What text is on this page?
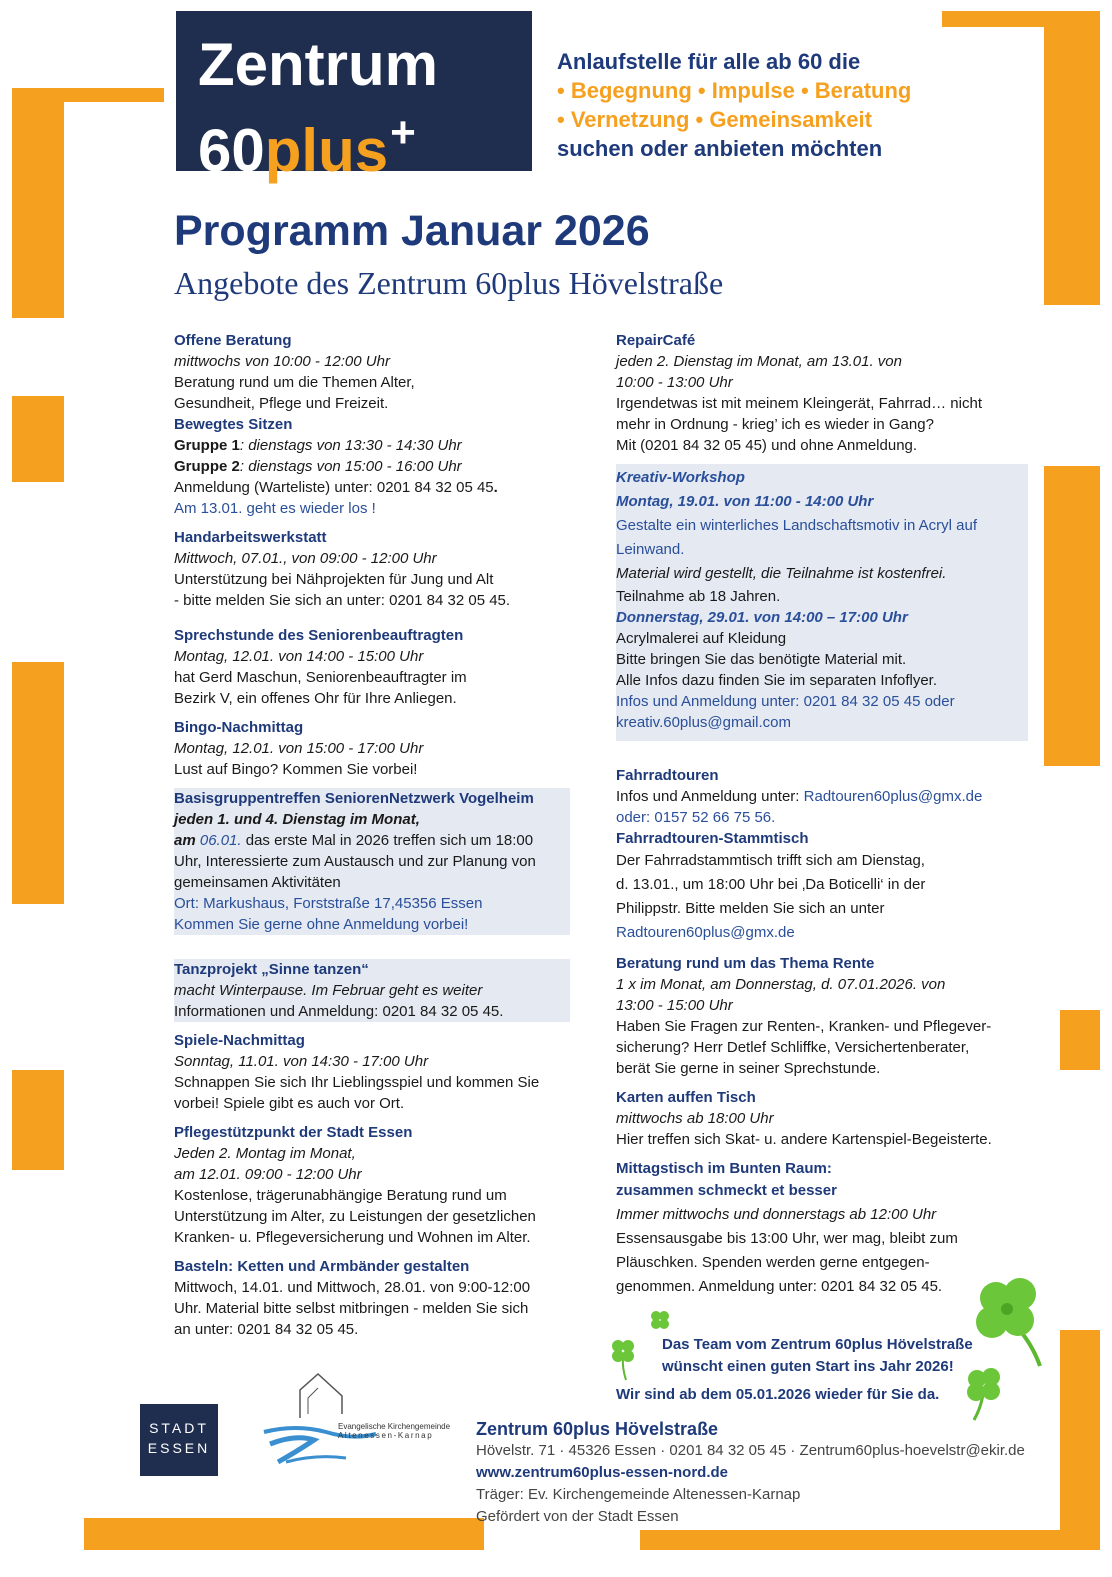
Zentrum
60plus+
Anlaufstelle für alle ab 60 die
• Begegnung • Impulse • Beratung
• Vernetzung • Gemeinsamkeit
suchen oder anbieten möchten
Programm Januar 2026
Angebote des Zentrum 60plus Hövelstraße
Offene Beratung
mittwochs von 10:00 - 12:00 Uhr
Beratung rund um die Themen Alter,
Gesundheit, Pflege und Freizeit.
Bewegtes Sitzen
Gruppe 1: dienstags von 13:30 - 14:30 Uhr
Gruppe 2: dienstags von 15:00 - 16:00 Uhr
Anmeldung (Warteliste) unter: 0201 84 32 05 45.
Am 13.01. geht es wieder los !
Handarbeitswerkstatt
Mittwoch, 07.01., von 09:00 - 12:00 Uhr
Unterstützung bei Nähprojekten für Jung und Alt
- bitte melden Sie sich an unter: 0201 84 32 05 45.
Sprechstunde des Seniorenbeauftragten
Montag, 12.01. von 14:00 - 15:00 Uhr
hat Gerd Maschun, Seniorenbeauftragter im
Bezirk V, ein offenes Ohr für Ihre Anliegen.
Bingo-Nachmittag
Montag, 12.01. von 15:00 - 17:00 Uhr
Lust auf Bingo? Kommen Sie vorbei!
Basisgruppentreffen SeniorenNetzwerk Vogelheim
jeden 1. und 4. Dienstag im Monat,
am 06.01. das erste Mal in 2026 treffen sich um 18:00
Uhr, Interessierte zum Austausch und zur Planung von
gemeinsamen Aktivitäten
Ort: Markushaus, Forststraße 17,45356 Essen
Kommen Sie gerne ohne Anmeldung vorbei!
Tanzprojekt „Sinne tanzen“
macht Winterpause. Im Februar geht es weiter
Informationen und Anmeldung: 0201 84 32 05 45.
Spiele-Nachmittag
Sonntag, 11.01. von 14:30 - 17:00 Uhr
Schnappen Sie sich Ihr Lieblingsspiel und kommen Sie
vorbei! Spiele gibt es auch vor Ort.
Pflegestützpunkt der Stadt Essen
Jeden 2. Montag im Monat,
am 12.01. 09:00 - 12:00 Uhr
Kostenlose, trägerunabhängige Beratung rund um
Unterstützung im Alter, zu Leistungen der gesetzlichen
Kranken- u. Pflegeversicherung und Wohnen im Alter.
Basteln: Ketten und Armbänder gestalten
Mittwoch, 14.01. und Mittwoch, 28.01. von 9:00-12:00
Uhr. Material bitte selbst mitbringen - melden Sie sich
an unter: 0201 84 32 05 45.
RepairCafé
jeden 2. Dienstag im Monat, am 13.01. von
10:00 - 13:00 Uhr
Irgendetwas ist mit meinem Kleingerät, Fahrrad… nicht
mehr in Ordnung - krieg’ ich es wieder in Gang?
Mit (0201 84 32 05 45) und ohne Anmeldung.
Kreativ-Workshop
Montag, 19.01. von 11:00 - 14:00 Uhr
Gestalte ein winterliches Landschaftsmotiv in Acryl auf
Leinwand.
Material wird gestellt, die Teilnahme ist kostenfrei.
Teilnahme ab 18 Jahren.
Donnerstag, 29.01. von 14:00 – 17:00 Uhr
Acrylmalerei auf Kleidung
Bitte bringen Sie das benötigte Material mit.
Alle Infos dazu finden Sie im separaten Infoflyer.
Infos und Anmeldung unter: 0201 84 32 05 45 oder
kreativ.60plus@gmail.com
Fahrradtouren
Infos und Anmeldung unter: Radtouren60plus@gmx.de
oder: 0157 52 66 75 56.
Fahrradtouren-Stammtisch
Der Fahrradstammtisch trifft sich am Dienstag,
d. 13.01., um 18:00 Uhr bei ‚Da Boticelli‘ in der
Philippstr. Bitte melden Sie sich an unter
Radtouren60plus@gmx.de
Beratung rund um das Thema Rente
1 x im Monat, am Donnerstag, d. 07.01.2026. von
13:00 - 15:00 Uhr
Haben Sie Fragen zur Renten-, Kranken- und Pflegever-
sicherung? Herr Detlef Schliffke, Versichertenberater,
berät Sie gerne in seiner Sprechstunde.
Karten auffen Tisch
mittwochs ab 18:00 Uhr
Hier treffen sich Skat- u. andere Kartenspiel-Begeisterte.
Mittagstisch im Bunten Raum:
zusammen schmeckt et besser
Immer mittwochs und donnerstags ab 12:00 Uhr
Essensausgabe bis 13:00 Uhr, wer mag, bleibt zum
Pläuschken. Spenden werden gerne entgegen-
genommen. Anmeldung unter: 0201 84 32 05 45.
Das Team vom Zentrum 60plus Hövelstraße
wünscht einen guten Start ins Jahr 2026!
Wir sind ab dem 05.01.2026 wieder für Sie da.
STADT
ESSEN
Evangelische Kirchengemeinde
Altenessen-Karnap Zentrum 60plus Hövelstraße
Hövelstr. 71 · 45326 Essen · 0201 84 32 05 45 · Zentrum60plus-hoevelstr@ekir.de
www.zentrum60plus-essen-nord.de
Träger: Ev. Kirchengemeinde Altenessen-Karnap
Gefördert von der Stadt Essen
